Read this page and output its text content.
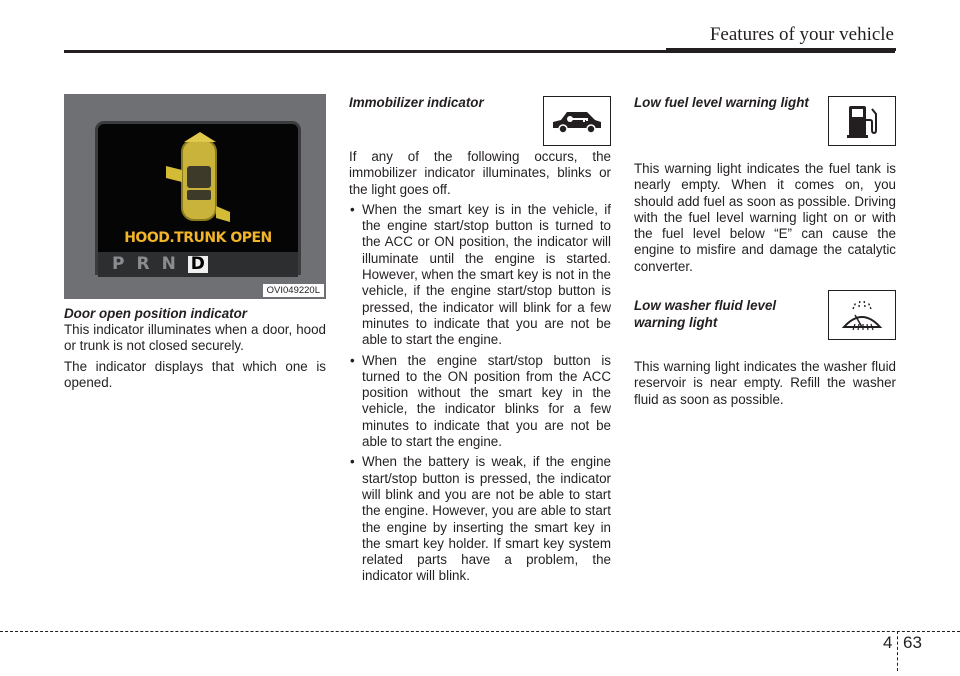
Features of your vehicle
HOOD.TRUNK OPEN
P R N D
OVI049220L
Door open position indicator

This indicator illuminates when a door, hood or trunk is not closed securely.

The indicator displays that which one is opened.

Immobilizer indicator

If any of the following occurs, the immobilizer indicator illuminates, blinks or the light goes off.

• When the smart key is in the vehicle, if the engine start/stop button is turned to the ACC or ON position, the indicator will illuminate until the engine is started. However, when the smart key is not in the vehicle, if the engine start/stop button is pressed, the indicator will blink for a few minutes to indicate that you are not be able to start the engine.
• When the engine start/stop button is turned to the ON position from the ACC position without the smart key in the vehicle, the indicator blinks for a few minutes to indicate that you are not be able to start the engine.
• When the battery is weak, if the engine start/stop button is pressed, the indicator will blink and you are not be able to start the engine. However, you are able to start the engine by inserting the smart key in the smart key holder. If smart key system related parts have a problem, the indicator will blink.
Low fuel level warning light

This warning light indicates the fuel tank is nearly empty. When it comes on, you should add fuel as soon as possible. Driving with the fuel level warning light on or with the fuel level below “E” can cause the engine to misfire and damage the catalytic converter.

Low washer fluid level
warning light

This warning light indicates the washer fluid reservoir is near empty. Refill the washer fluid as soon as possible.

4 63
